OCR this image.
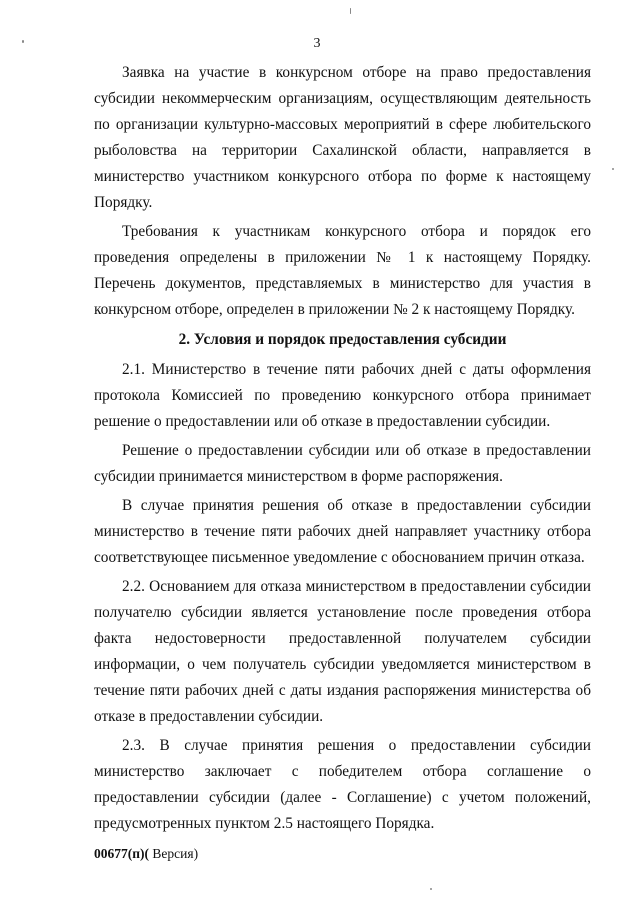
3

Заявка на участие в конкурсном отборе на право предоставления субсидии некоммерческим организациям, осуществляющим деятельность по организации культурно-массовых мероприятий в сфере любительского рыболовства на территории Сахалинской области, направляется в министерство участником конкурсного отбора по форме к настоящему Порядку.

Требования к участникам конкурсного отбора и порядок его проведения определены в приложении № 1 к настоящему Порядку. Перечень документов, представляемых в министерство для участия в конкурсном отборе, определен в приложении № 2 к настоящему Порядку.

2. Условия и порядок предоставления субсидии

2.1. Министерство в течение пяти рабочих дней с даты оформления протокола Комиссией по проведению конкурсного отбора принимает решение о предоставлении или об отказе в предоставлении субсидии.

Решение о предоставлении субсидии или об отказе в предоставлении субсидии принимается министерством в форме распоряжения.

В случае принятия решения об отказе в предоставлении субсидии министерство в течение пяти рабочих дней направляет участнику отбора соответствующее письменное уведомление с обоснованием причин отказа.

2.2. Основанием для отказа министерством в предоставлении субсидии получателю субсидии является установление после проведения отбора факта недостоверности предоставленной получателем субсидии информации, о чем получатель субсидии уведомляется министерством в течение пяти рабочих дней с даты издания распоряжения министерства об отказе в предоставлении субсидии.

2.3. В случае принятия решения о предоставлении субсидии министерство заключает с победителем отбора соглашение о предоставлении субсидии (далее - Соглашение) с учетом положений, предусмотренных пунктом 2.5 настоящего Порядка.

00677(п)( Версия)
